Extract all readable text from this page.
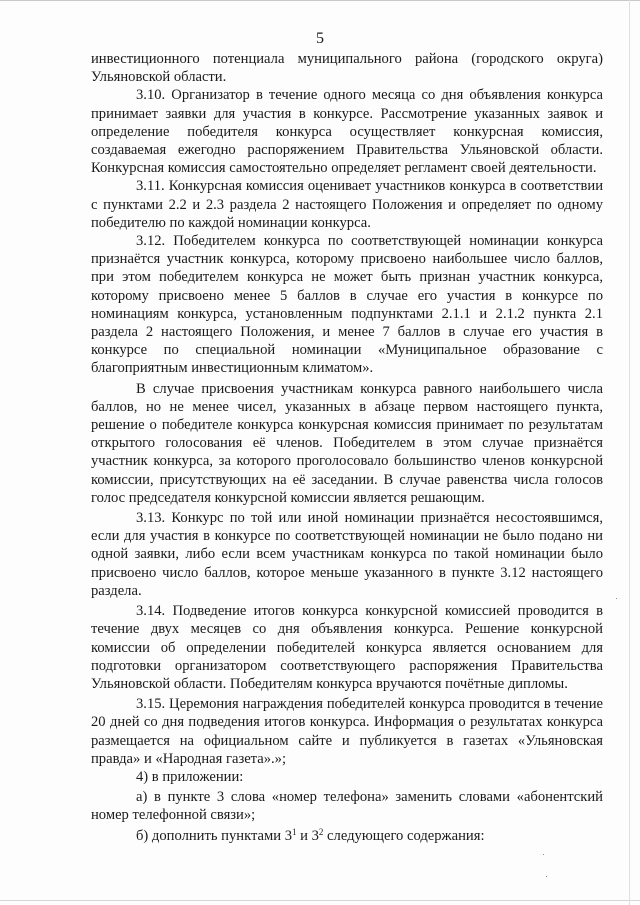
5

инвестиционного потенциала муниципального района (городского округа) Ульяновской области.

3.10. Организатор в течение одного месяца со дня объявления конкурса принимает заявки для участия в конкурсе. Рассмотрение указанных заявок и определение победителя конкурса осуществляет конкурсная комиссия, создаваемая ежегодно распоряжением Правительства Ульяновской области. Конкурсная комиссия самостоятельно определяет регламент своей деятельности.

3.11. Конкурсная комиссия оценивает участников конкурса в соответствии с пунктами 2.2 и 2.3 раздела 2 настоящего Положения и определяет по одному победителю по каждой номинации конкурса.

3.12. Победителем конкурса по соответствующей номинации конкурса признаётся участник конкурса, которому присвоено наибольшее число баллов, при этом победителем конкурса не может быть признан участник конкурса, которому присвоено менее 5 баллов в случае его участия в конкурсе по номинациям конкурса, установленным подпунктами 2.1.1 и 2.1.2 пункта 2.1 раздела 2 настоящего Положения, и менее 7 баллов в случае его участия в конкурсе по специальной номинации «Муниципальное образование с благоприятным инвестиционным климатом».

В случае присвоения участникам конкурса равного наибольшего числа баллов, но не менее чисел, указанных в абзаце первом настоящего пункта, решение о победителе конкурса конкурсная комиссия принимает по результатам открытого голосования её членов. Победителем в этом случае признаётся участник конкурса, за которого проголосовало большинство членов конкурсной комиссии, присутствующих на её заседании. В случае равенства числа голосов голос председателя конкурсной комиссии является решающим.

3.13. Конкурс по той или иной номинации признаётся несостоявшимся, если для участия в конкурсе по соответствующей номинации не было подано ни одной заявки, либо если всем участникам конкурса по такой номинации было присвоено число баллов, которое меньше указанного в пункте 3.12 настоящего раздела.

3.14. Подведение итогов конкурса конкурсной комиссией проводится в течение двух месяцев со дня объявления конкурса. Решение конкурсной комиссии об определении победителей конкурса является основанием для подготовки организатором соответствующего распоряжения Правительства Ульяновской области. Победителям конкурса вручаются почётные дипломы.

3.15. Церемония награждения победителей конкурса проводится в течение 20 дней со дня подведения итогов конкурса. Информация о результатах конкурса размещается на официальном сайте и публикуется в газетах «Ульяновская правда» и «Народная газета».»;

4) в приложении:

а) в пункте 3 слова «номер телефона» заменить словами «абонентский номер телефонной связи»;

б) дополнить пунктами $3^1$ и $3^2$ следующего содержания:
